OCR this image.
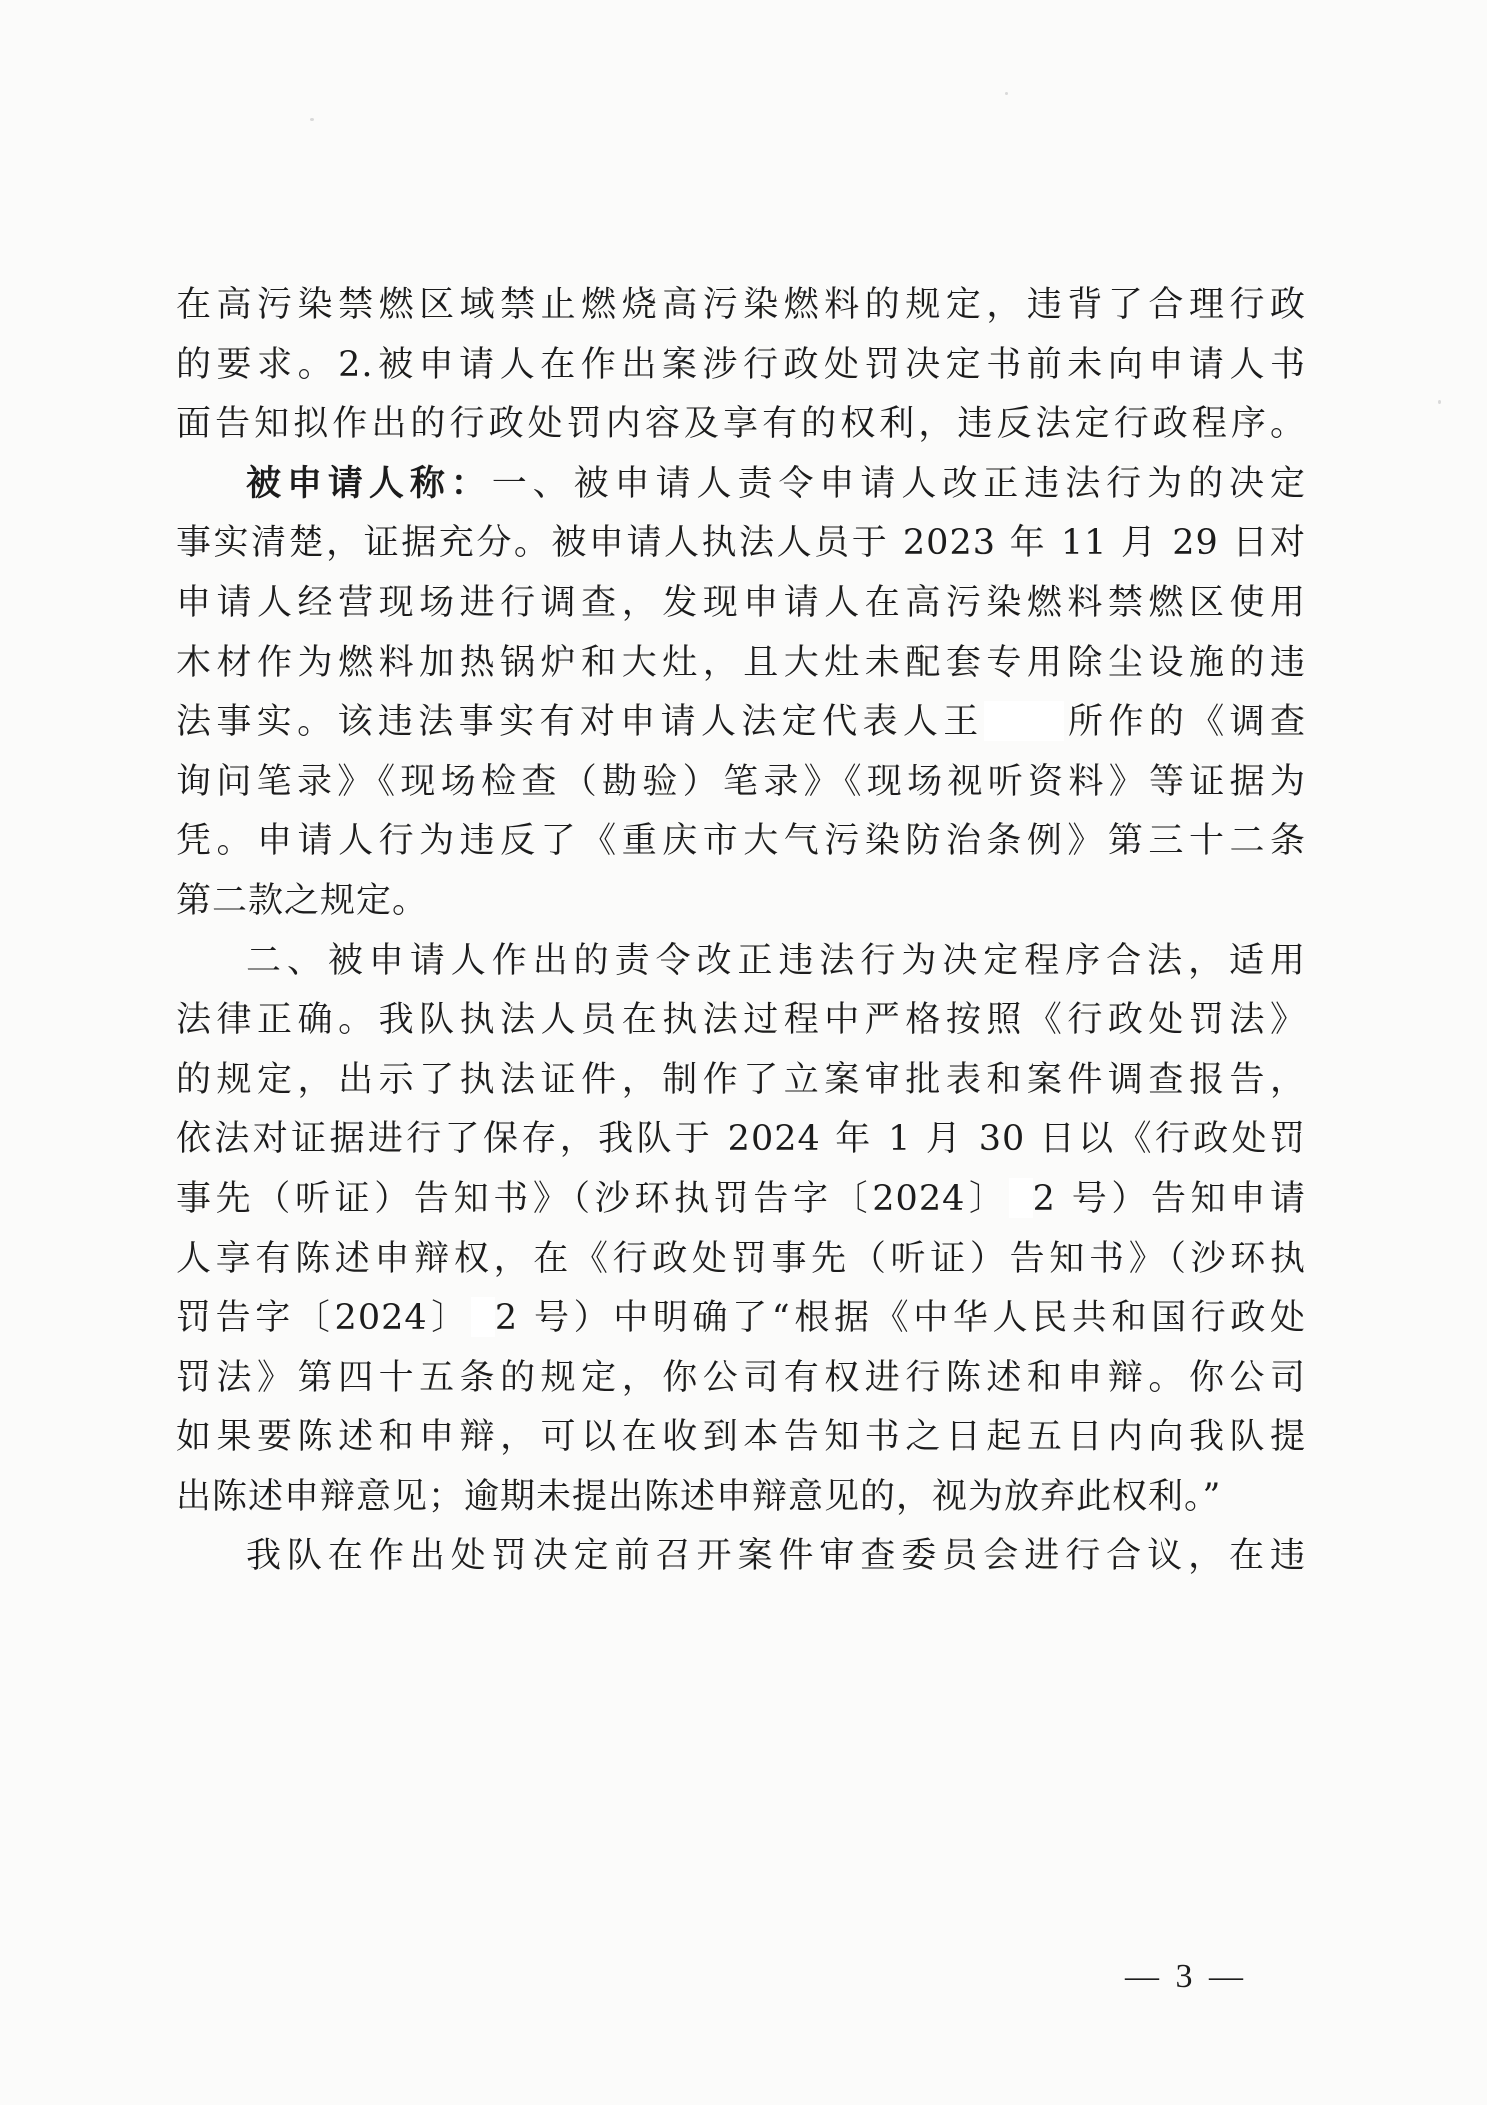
在高污染禁燃区域禁止燃烧高污染燃料的规定，违背了合理行政
的要求。2.被申请人在作出案涉行政处罚决定书前未向申请人书
面告知拟作出的行政处罚内容及享有的权利，违反法定行政程序。
被申请人称：一、被申请人责令申请人改正违法行为的决定
事实清楚，证据充分。被申请人执法人员于 2023 年 11 月 29 日对
申请人经营现场进行调查，发现申请人在高污染燃料禁燃区使用
木材作为燃料加热锅炉和大灶，且大灶未配套专用除尘设施的违
法事实。该违法事实有对申请人法定代表人王 所作的《调查
询问笔录》《现场检查（勘验）笔录》《现场视听资料》等证据为
凭。申请人行为违反了《重庆市大气污染防治条例》第三十二条
第二款之规定。
二、被申请人作出的责令改正违法行为决定程序合法，适用
法律正确。我队执法人员在执法过程中严格按照《行政处罚法》
的规定，出示了执法证件，制作了立案审批表和案件调查报告，
依法对证据进行了保存，我队于 2024 年 1 月 30 日以《行政处罚
事先（听证）告知书》（沙环执罚告字〔2024〕 2 号）告知申请
人享有陈述申辩权，在《行政处罚事先（听证）告知书》（沙环执
罚告字〔2024〕 2 号）中明确了“根据《中华人民共和国行政处
罚法》第四十五条的规定，你公司有权进行陈述和申辩。你公司
如果要陈述和申辩，可以在收到本告知书之日起五日内向我队提
出陈述申辩意见；逾期未提出陈述申辩意见的，视为放弃此权利。”
我队在作出处罚决定前召开案件审查委员会进行合议，在违
— 3 —
